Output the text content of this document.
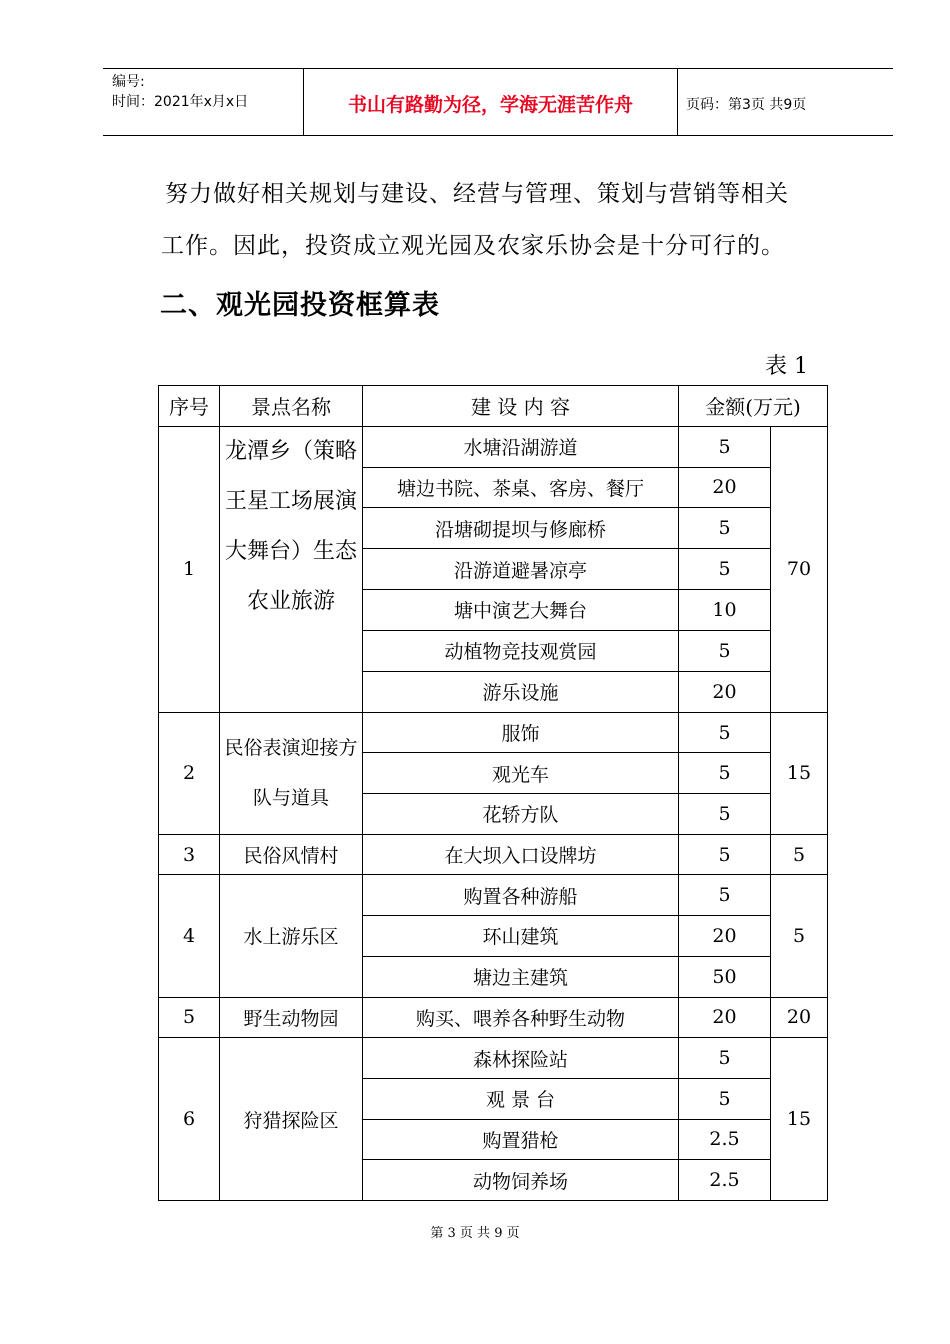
编号:
时间：2021年x月x日	书山有路勤为径，学海无涯苦作舟	页码：第3页 共9页
努力做好相关规划与建设、经营与管理、策划与营销等相关
工作。因此，投资成立观光园及农家乐协会是十分可行的。
二、观光园投资框算表
表 1
序号	景点名称	建 设 内 容	金额(万元)	
1	龙潭乡（策略王星工场展演大舞台）生态农业旅游	水塘沿湖游道	5	70
		塘边书院、茶桌、客房、餐厅	20	
		沿塘砌提坝与修廊桥	5	
		沿游道避暑凉亭	5	
		塘中演艺大舞台	10	
		动植物竞技观赏园	5	
		游乐设施	20	
2	民俗表演迎接方队与道具	服饰	5	15
		观光车	5	
		花轿方队	5	
3	民俗风情村	在大坝入口设牌坊	5	5
4	水上游乐区	购置各种游船	5	5
		环山建筑	20	
		塘边主建筑	50	
5	野生动物园	购买、喂养各种野生动物	20	20
6	狩猎探险区	森林探险站	5	15
		观 景 台	5	
		购置猎枪	2.5	
		动物饲养场	2.5	
第 3 页 共 9 页
